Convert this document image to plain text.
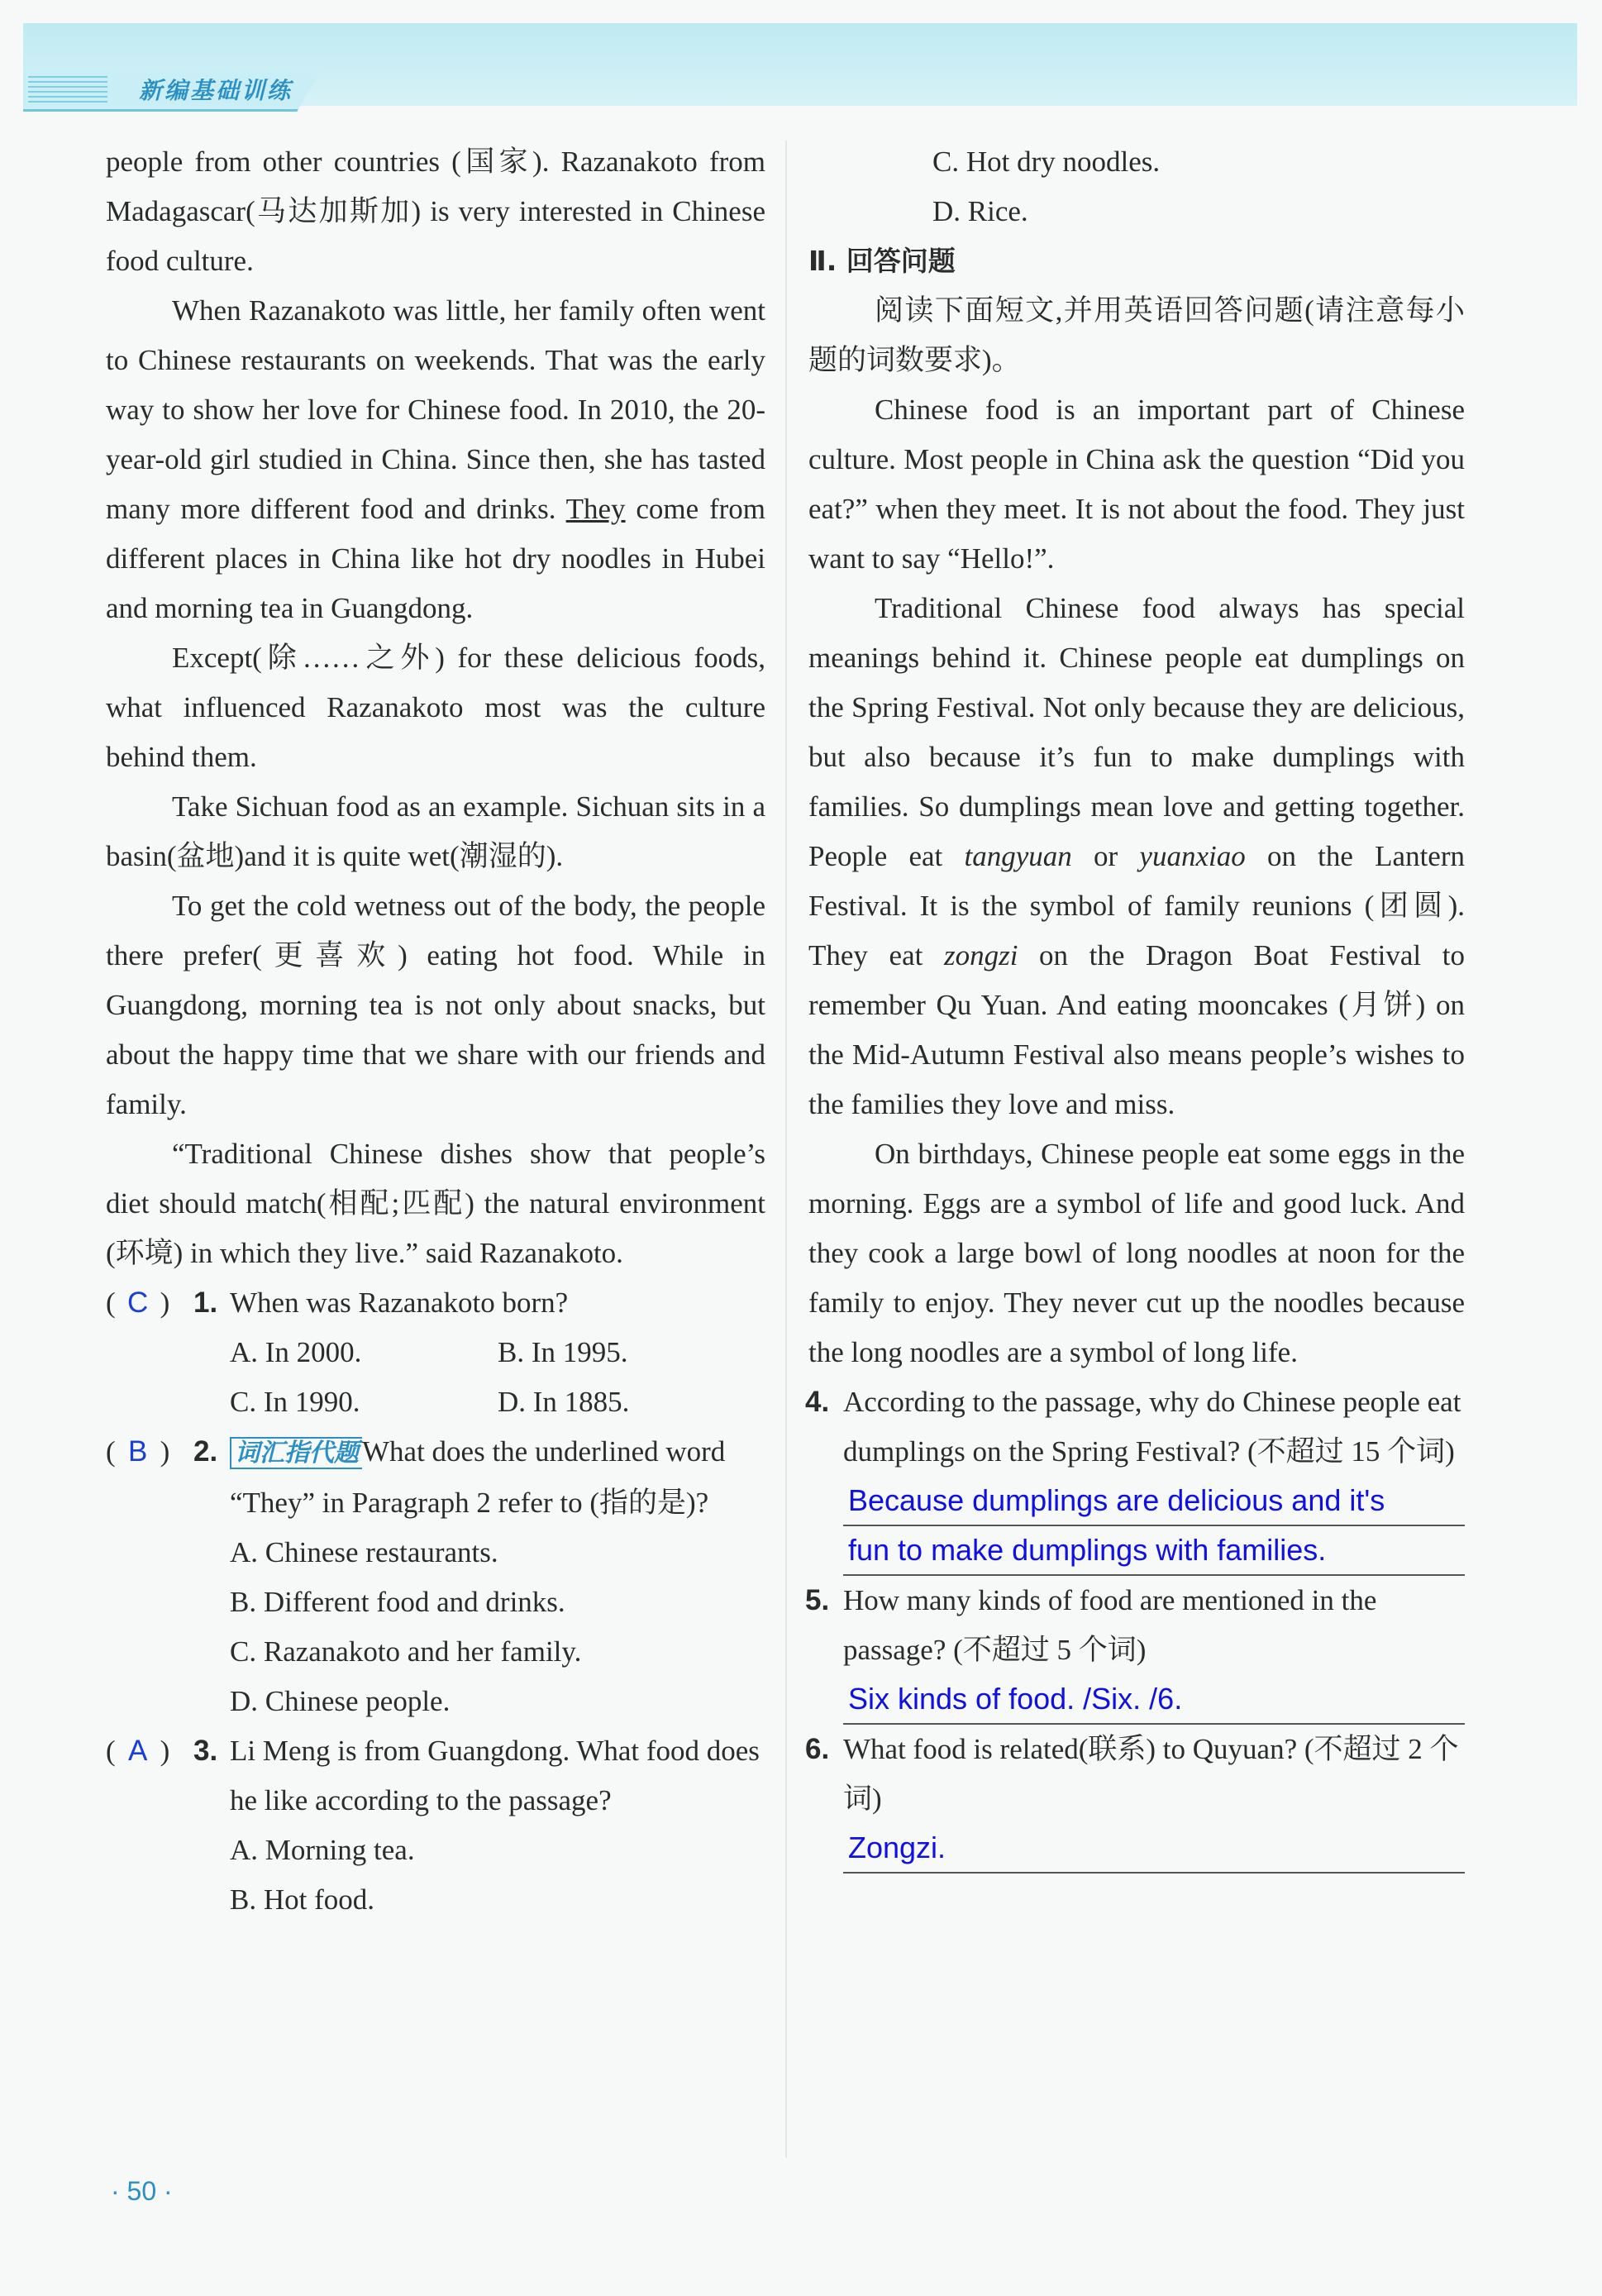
新编基础训练

people from other countries (国家). Razanakoto from Madagascar(马达加斯加) is very interested in Chinese food culture.

When Razanakoto was little, her family often went to Chinese restaurants on weekends. That was the early way to show her love for Chinese food. In 2010, the 20-year-old girl studied in China. Since then, she has tasted many more different food and drinks. They come from different places in China like hot dry noodles in Hubei and morning tea in Guangdong.

Except(除……之外) for these delicious foods, what influenced Razanakoto most was the culture behind them.

Take Sichuan food as an example. Sichuan sits in a basin(盆地)and it is quite wet(潮湿的).

To get the cold wetness out of the body, the people there prefer(更喜欢) eating hot food. While in Guangdong, morning tea is not only about snacks, but about the happy time that we share with our friends and family.

“Traditional Chinese dishes show that people’s diet should match(相配;匹配) the natural environment (环境) in which they live.” said Razanakoto.

( C ) 1. When was Razanakoto born?
A. In 2000.	B. In 1995.
C. In 1990.	D. In 1885.
( B ) 2. 词汇指代题 What does the underlined word “They” in Paragraph 2 refer to (指的是)?
A. Chinese restaurants.
B. Different food and drinks.
C. Razanakoto and her family.
D. Chinese people.
( A ) 3. Li Meng is from Guangdong. What food does he like according to the passage?
A. Morning tea.
B. Hot food.
C. Hot dry noodles.
D. Rice.
Ⅱ. 回答问题

阅读下面短文,并用英语回答问题(请注意每小题的词数要求)。

Chinese food is an important part of Chinese culture. Most people in China ask the question “Did you eat?” when they meet. It is not about the food. They just want to say “Hello!”.

Traditional Chinese food always has special meanings behind it. Chinese people eat dumplings on the Spring Festival. Not only because they are delicious, but also because it’s fun to make dumplings with families. So dumplings mean love and getting together. People eat tangyuan or yuanxiao on the Lantern Festival. It is the symbol of family reunions (团圆). They eat zongzi on the Dragon Boat Festival to remember Qu Yuan. And eating mooncakes (月饼) on the Mid-Autumn Festival also means people’s wishes to the families they love and miss.

On birthdays, Chinese people eat some eggs in the morning. Eggs are a symbol of life and good luck. And they cook a large bowl of long noodles at noon for the family to enjoy. They never cut up the noodles because the long noodles are a symbol of long life.

4. According to the passage, why do Chinese people eat dumplings on the Spring Festival? (不超过 15 个词)
Because dumplings are delicious and it's
fun to make dumplings with families.
5. How many kinds of food are mentioned in the passage? (不超过 5 个词)
Six kinds of food. /Six. /6.
6. What food is related(联系) to Quyuan? (不超过 2 个词)
Zongzi.
· 50 ·
